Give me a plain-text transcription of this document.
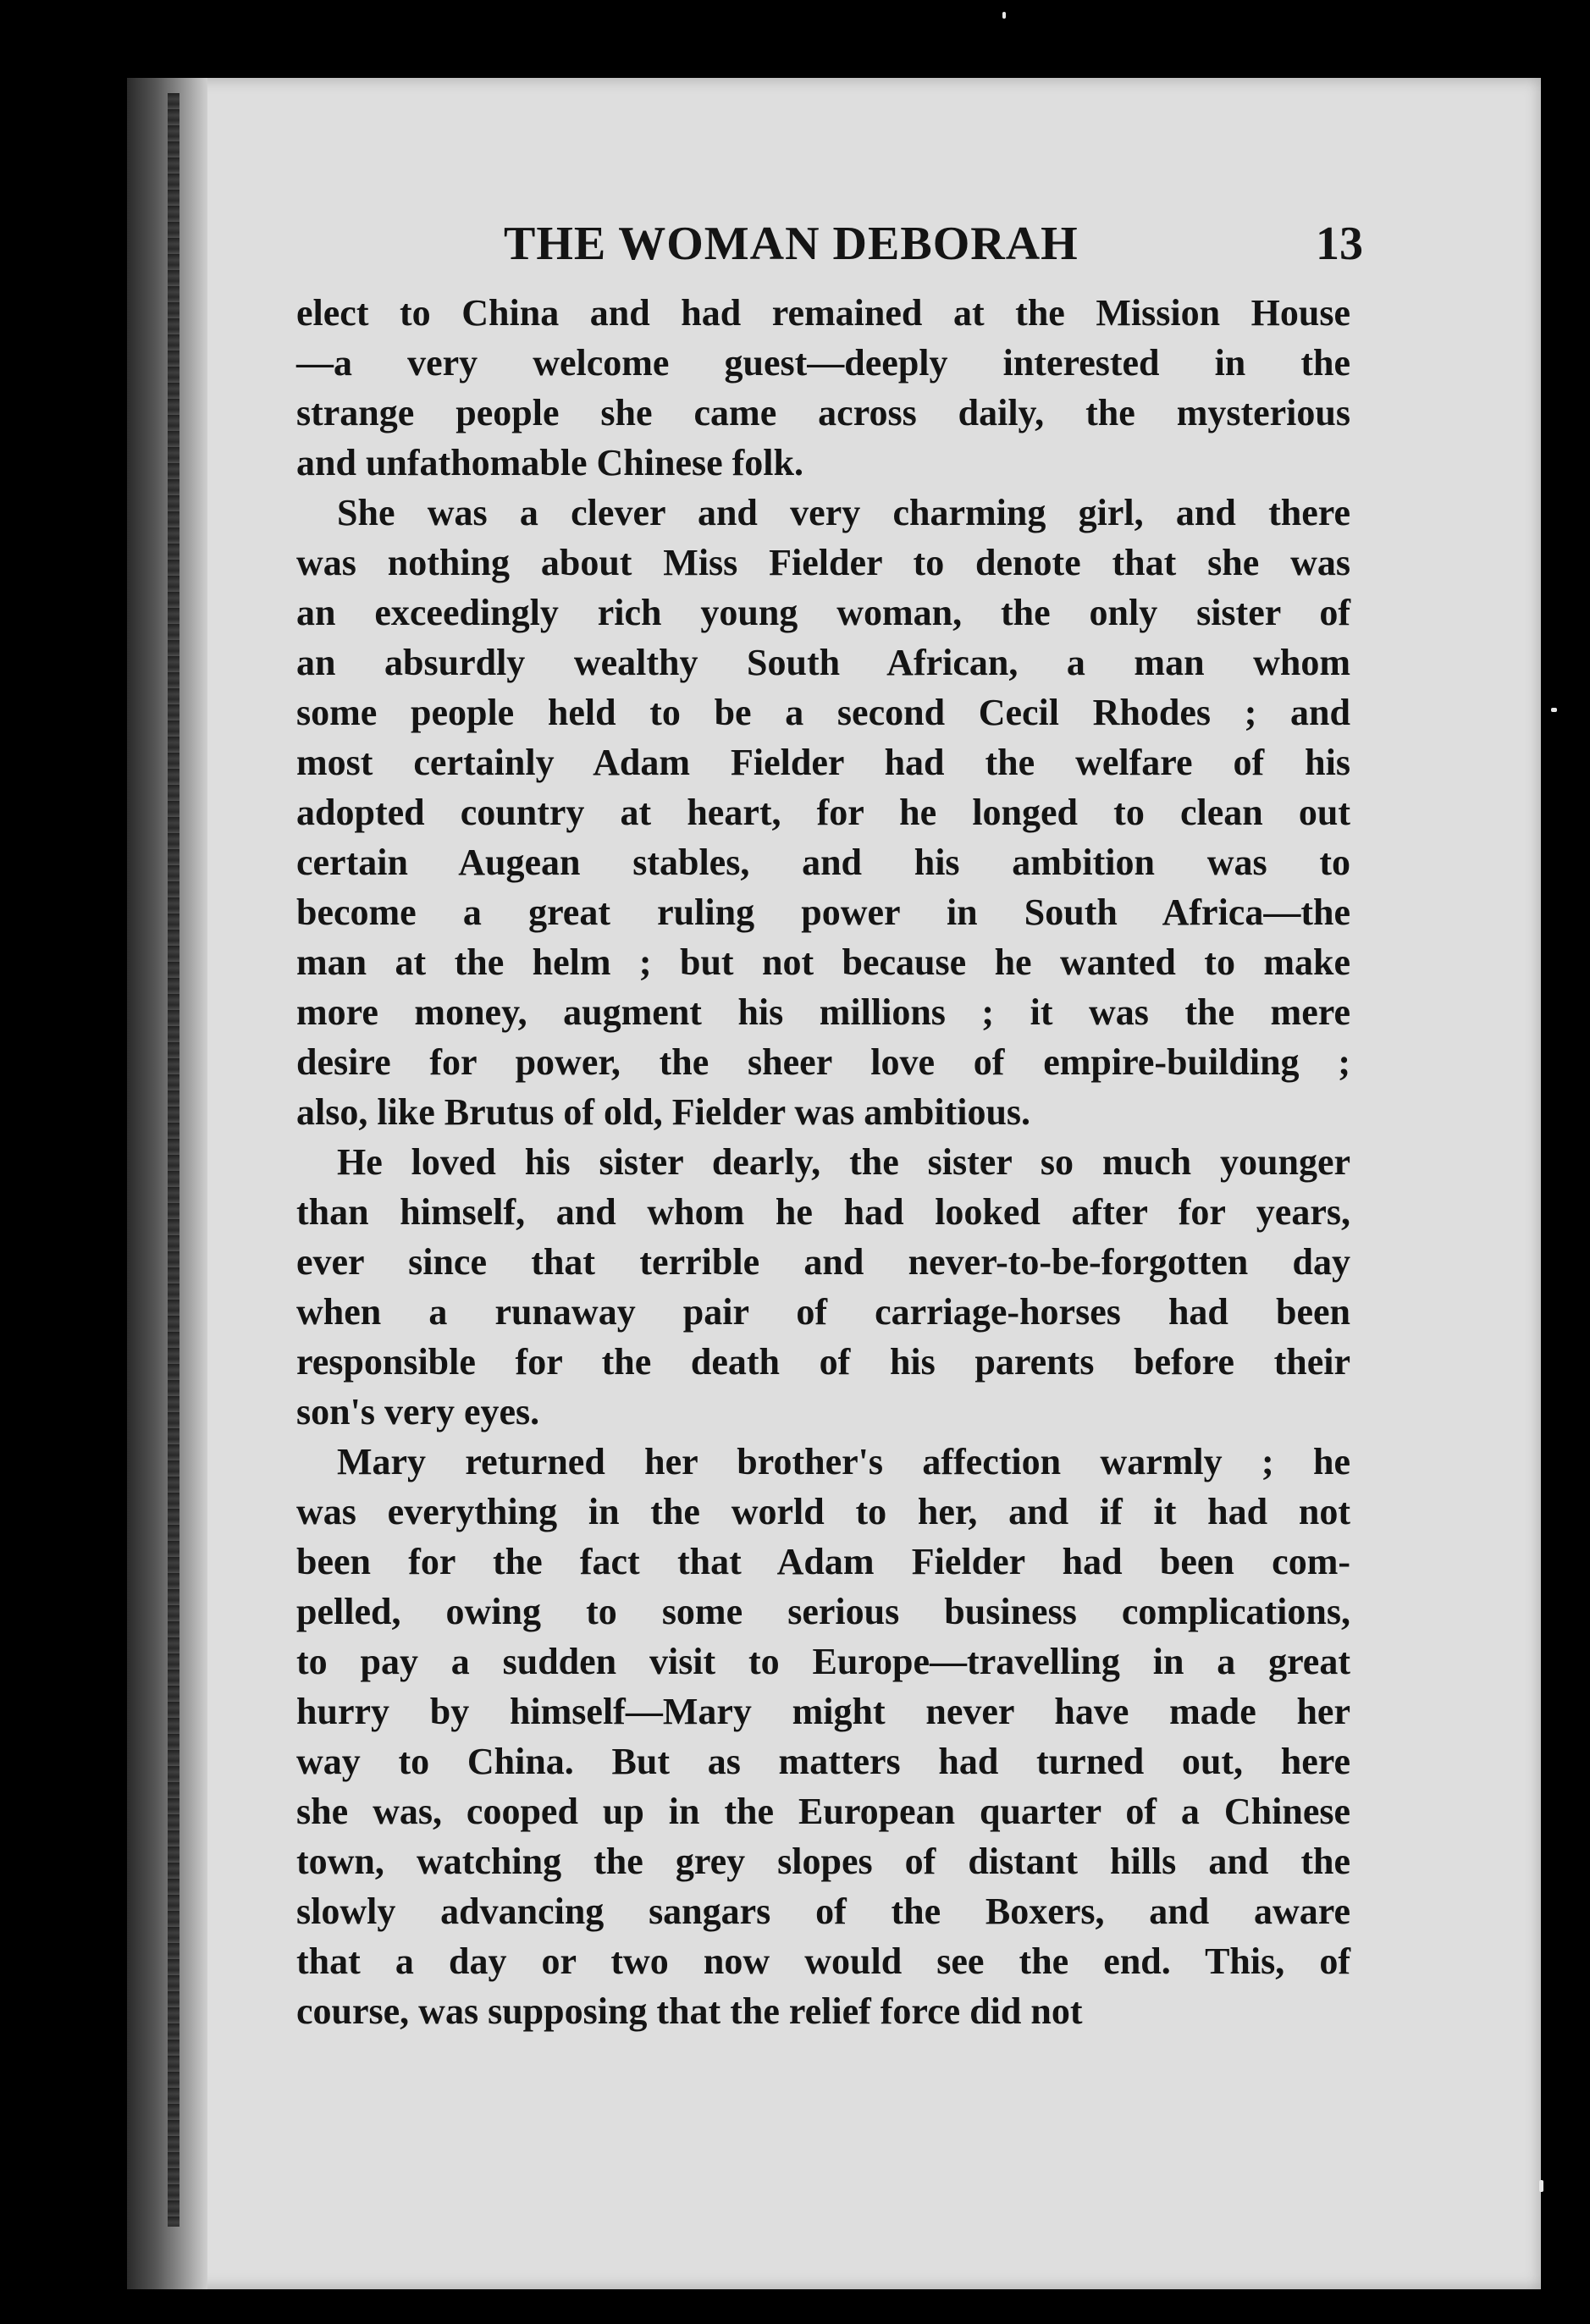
THE WOMAN DEBORAH	13
elect to China and had remained at the Mission House
—a very welcome guest—deeply interested in the
strange people she came across daily, the mysterious
and unfathomable Chinese folk.
She was a clever and very charming girl, and there
was nothing about Miss Fielder to denote that she was
an exceedingly rich young woman, the only sister of
an absurdly wealthy South African, a man whom
some people held to be a second Cecil Rhodes ; and
most certainly Adam Fielder had the welfare of his
adopted country at heart, for he longed to clean out
certain Augean stables, and his ambition was to
become a great ruling power in South Africa—the
man at the helm ; but not because he wanted to make
more money, augment his millions ; it was the mere
desire for power, the sheer love of empire-building ;
also, like Brutus of old, Fielder was ambitious.
He loved his sister dearly, the sister so much younger
than himself, and whom he had looked after for years,
ever since that terrible and never-to-be-forgotten day
when a runaway pair of carriage-horses had been
responsible for the death of his parents before their
son's very eyes.
Mary returned her brother's affection warmly ; he
was everything in the world to her, and if it had not
been for the fact that Adam Fielder had been com-
pelled, owing to some serious business complications,
to pay a sudden visit to Europe—travelling in a great
hurry by himself—Mary might never have made her
way to China. But as matters had turned out, here
she was, cooped up in the European quarter of a Chinese
town, watching the grey slopes of distant hills and the
slowly advancing sangars of the Boxers, and aware
that a day or two now would see the end. This, of
course, was supposing that the relief force did not
